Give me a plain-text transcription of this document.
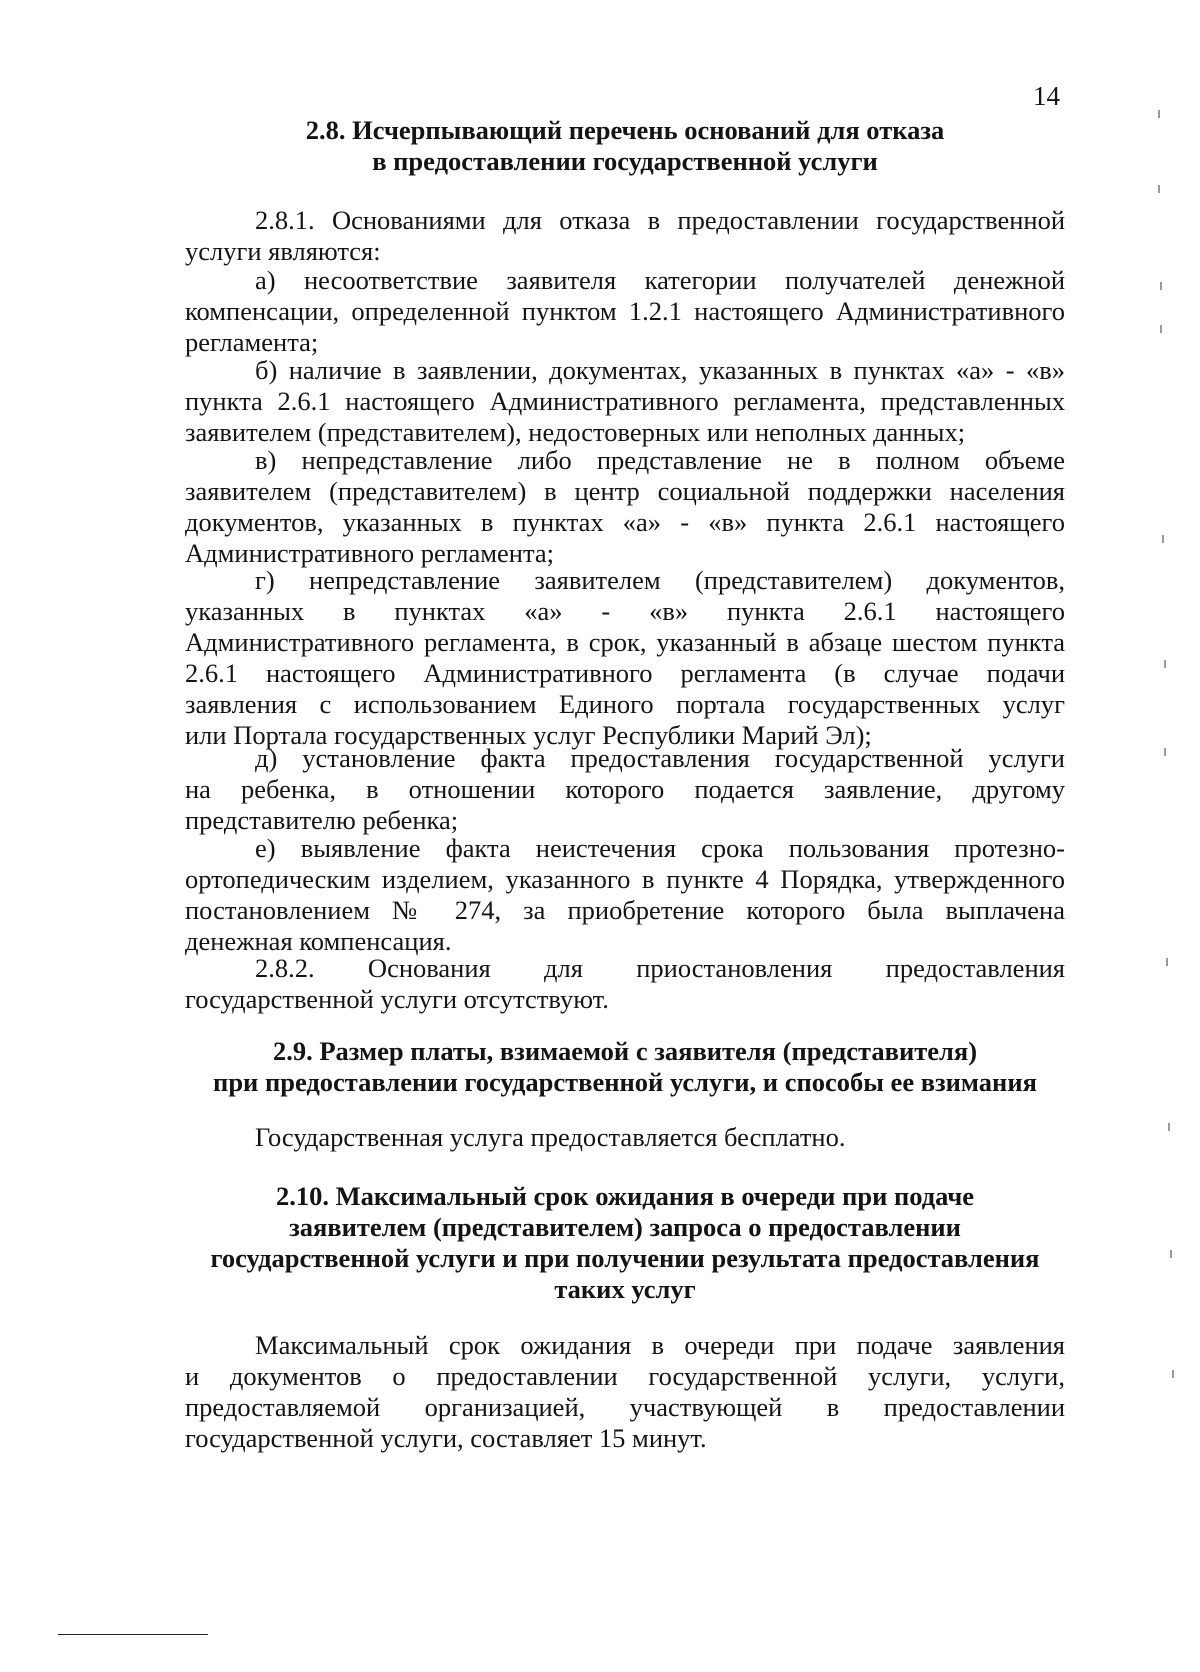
14
2.8. Исчерпывающий перечень оснований для отказа
в предоставлении государственной услуги
2.8.1. Основаниями для отказа в предоставлении государственной
услуги являются:
а) несоответствие заявителя категории получателей денежной
компенсации, определенной пунктом 1.2.1 настоящего Административного
регламента;
б) наличие в заявлении, документах, указанных в пунктах «а» - «в»
пункта 2.6.1 настоящего Административного регламента, представленных
заявителем (представителем), недостоверных или неполных данных;
в) непредставление либо представление не в полном объеме
заявителем (представителем) в центр социальной поддержки населения
документов, указанных в пунктах «а» - «в» пункта 2.6.1 настоящего
Административного регламента;
г) непредставление заявителем (представителем) документов,
указанных в пунктах «а» - «в» пункта 2.6.1 настоящего
Административного регламента, в срок, указанный в абзаце шестом пункта
2.6.1 настоящего Административного регламента (в случае подачи
заявления с использованием Единого портала государственных услуг
или Портала государственных услуг Республики Марий Эл);
д) установление факта предоставления государственной услуги
на ребенка, в отношении которого подается заявление, другому
представителю ребенка;
е) выявление факта неистечения срока пользования протезно-
ортопедическим изделием, указанного в пункте 4 Порядка, утвержденного
постановлением № 274, за приобретение которого была выплачена
денежная компенсация.
2.8.2. Основания для приостановления предоставления
государственной услуги отсутствуют.
2.9. Размер платы, взимаемой с заявителя (представителя)
при предоставлении государственной услуги, и способы ее взимания
Государственная услуга предоставляется бесплатно.
2.10. Максимальный срок ожидания в очереди при подаче
заявителем (представителем) запроса о предоставлении
государственной услуги и при получении результата предоставления
таких услуг
Максимальный срок ожидания в очереди при подаче заявления
и документов о предоставлении государственной услуги, услуги,
предоставляемой организацией, участвующей в предоставлении
государственной услуги, составляет 15 минут.
